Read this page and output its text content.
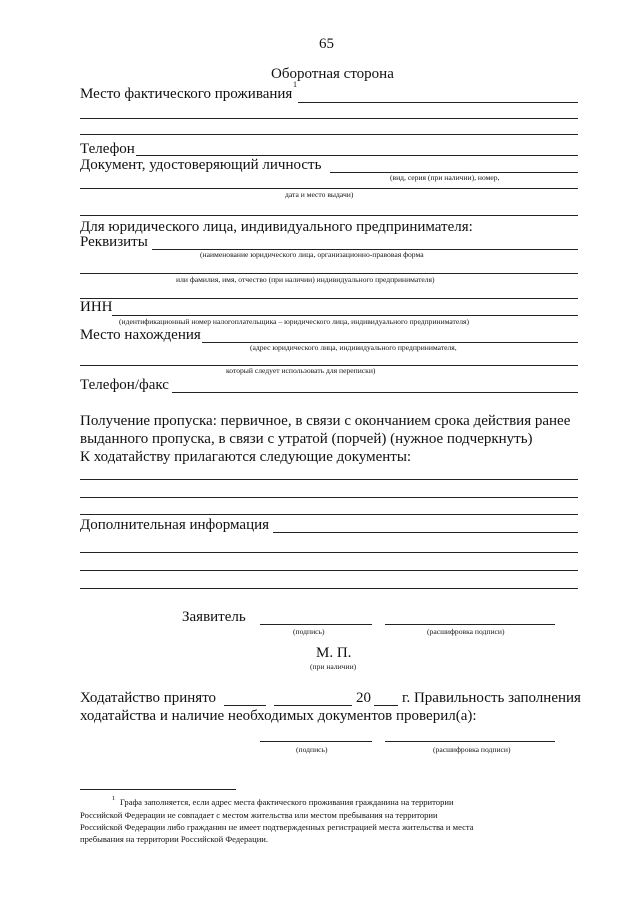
65
Оборотная сторона
Место фактического проживания
1
Телефон
Документ, удостоверяющий личность
(вид, серия (при наличии), номер,
дата и место выдачи)
Для юридического лица, индивидуального предпринимателя:
Реквизиты
(наименование юридического лица, организационно-правовая форма
или фамилия, имя, отчество (при наличии) индивидуального предпринимателя)
ИНН
(идентификационный номер налогоплательщика – юридического лица, индивидуального предпринимателя)
Место нахождения
(адрес юридического лица, индивидуального предпринимателя,
который следует использовать для переписки)
Телефон/факс
Получение пропуска: первичное, в связи с окончанием срока действия ранее
выданного пропуска, в связи с утратой (порчей) (нужное подчеркнуть)
К ходатайству прилагаются следующие документы:
Дополнительная информация
Заявитель
(подпись)	(расшифровка подписи)
М. П.
(при наличии)
Ходатайство принято	20 г. Правильность заполнения
ходатайства и наличие необходимых документов проверил(а):
(подпись)	(расшифровка подписи)
1 Графа заполняется, если адрес места фактического проживания гражданина на территории
Российской Федерации не совпадает с местом жительства или местом пребывания на территории
Российской Федерации либо гражданин не имеет подтвержденных регистрацией места жительства и места
пребывания на территории Российской Федерации.
